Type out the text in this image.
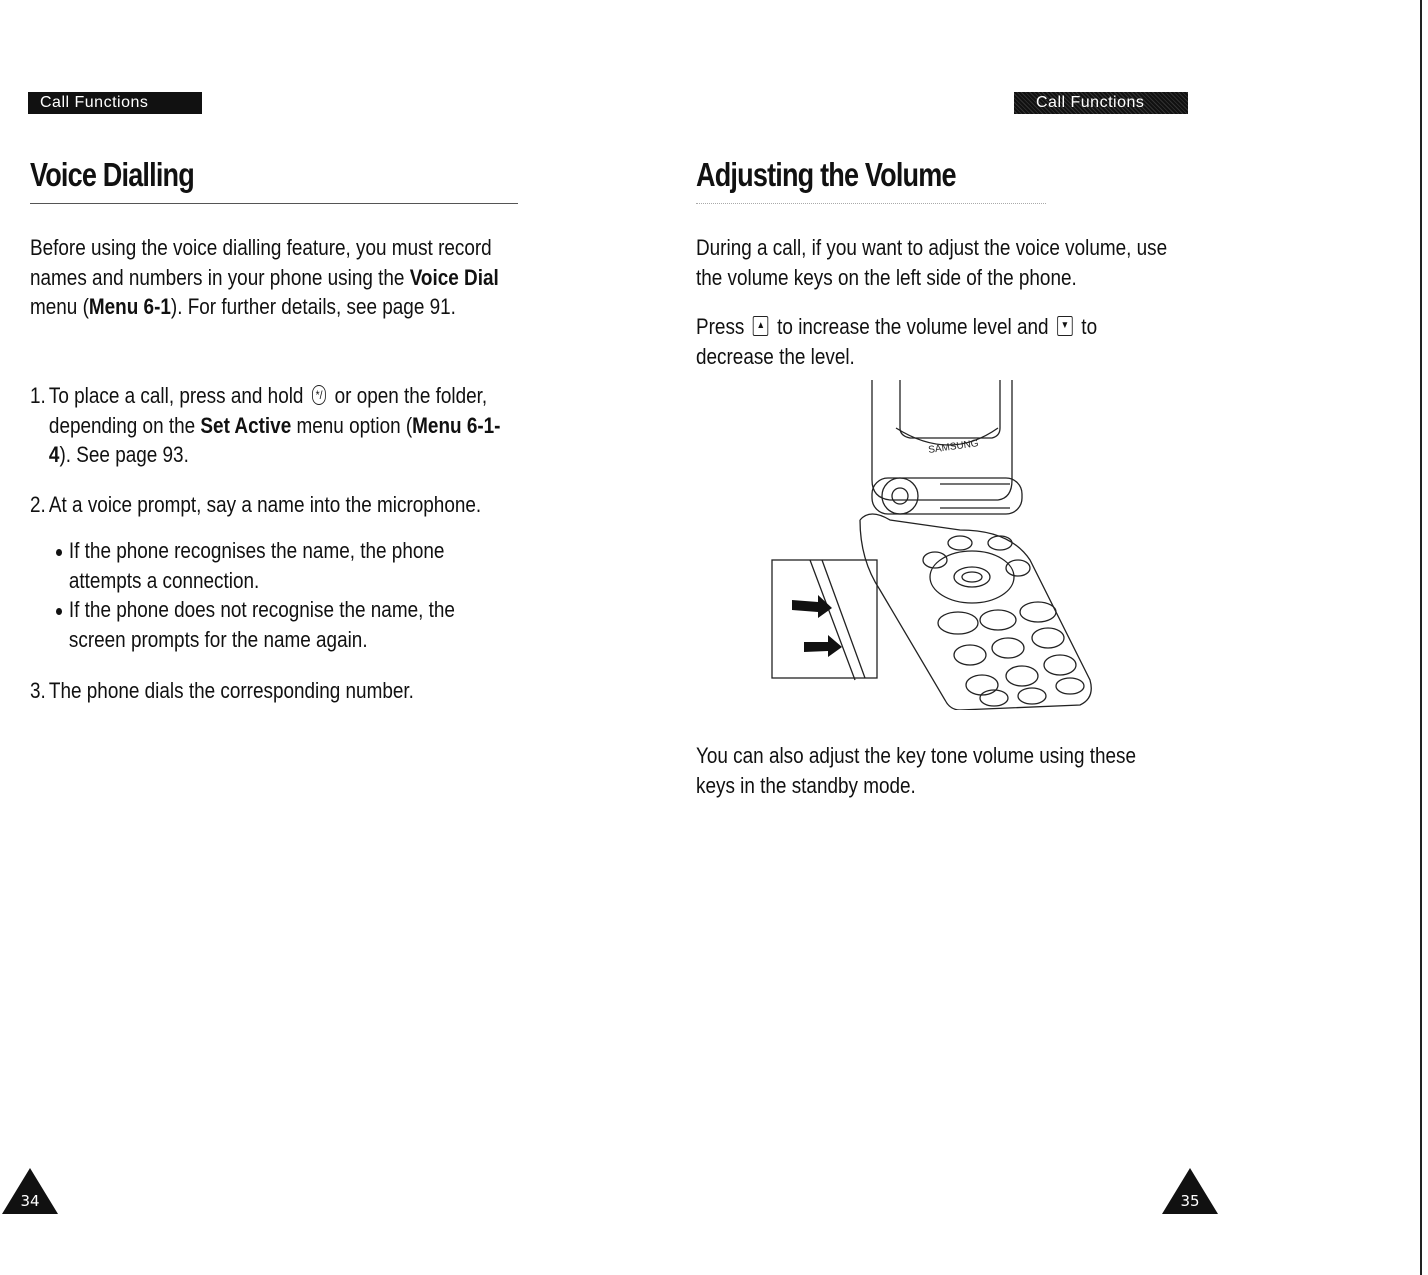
Call Functions
Voice Dialling
Before using the voice dialling feature, you must record names and numbers in your phone using the Voice Dial menu (Menu 6-1). For further details, see page 91.
1. To place a call, press and hold */ or open the folder, depending on the Set Active menu option (Menu 6-1-4). See page 93.
2. At a voice prompt, say a name into the microphone.
If the phone recognises the name, the phone attempts a connection.
If the phone does not recognise the name, the screen prompts for the name again.
3. The phone dials the corresponding number.
34
Call Functions
Adjusting the Volume
During a call, if you want to adjust the voice volume, use the volume keys on the left side of the phone.
Press ▲ to increase the volume level and ▼ to decrease the level.
SAMSUNG
You can also adjust the key tone volume using these keys in the standby mode.
35
